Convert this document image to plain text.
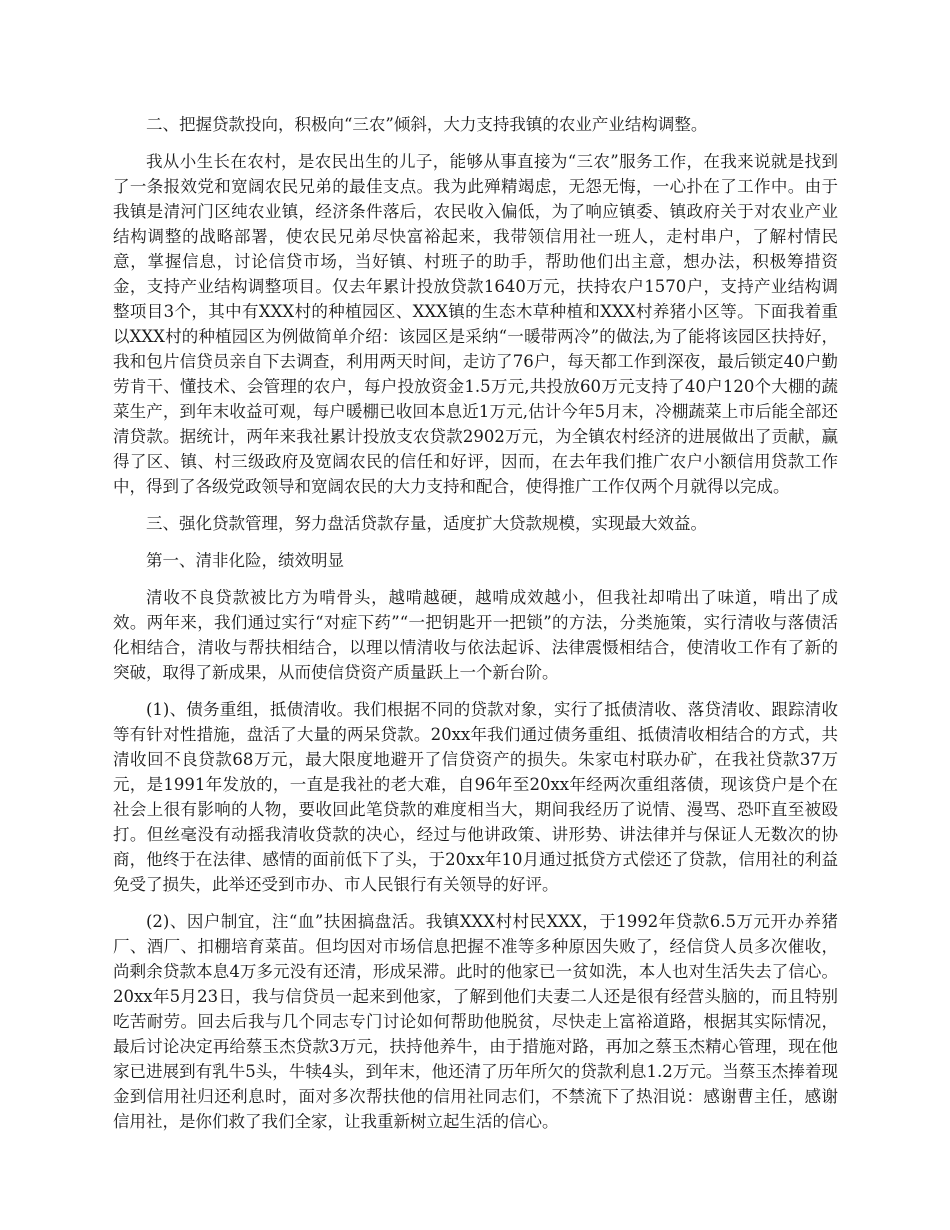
二、把握贷款投向，积极向“三农”倾斜，大力支持我镇的农业产业结构调整。

我从小生长在农村，是农民出生的儿子，能够从事直接为“三农”服务工作，在我来说就是找到了一条报效党和宽阔农民兄弟的最佳支点。我为此殚精竭虑，无怨无悔，一心扑在了工作中。由于我镇是清河门区纯农业镇，经济条件落后，农民收入偏低，为了响应镇委、镇政府关于对农业产业结构调整的战略部署，使农民兄弟尽快富裕起来，我带领信用社一班人，走村串户，了解村情民意，掌握信息，讨论信贷市场，当好镇、村班子的助手，帮助他们出主意，想办法，积极筹措资金，支持产业结构调整项目。仅去年累计投放贷款1640万元，扶持农户1570户，支持产业结构调整项目3个，其中有XXX村的种植园区、XXX镇的生态木草种植和XXX村养猪小区等。下面我着重以XXX村的种植园区为例做简单介绍：该园区是采纳“一暖带两冷”的做法,为了能将该园区扶持好，我和包片信贷员亲自下去调查，利用两天时间，走访了76户，每天都工作到深夜，最后锁定40户勤劳肯干、懂技术、会管理的农户，每户投放资金1.5万元,共投放60万元支持了40户120个大棚的蔬菜生产，到年末收益可观，每户暖棚已收回本息近1万元,估计今年5月末，冷棚蔬菜上市后能全部还清贷款。据统计，两年来我社累计投放支农贷款2902万元，为全镇农村经济的进展做出了贡献，赢得了区、镇、村三级政府及宽阔农民的信任和好评，因而，在去年我们推广农户小额信用贷款工作中，得到了各级党政领导和宽阔农民的大力支持和配合，使得推广工作仅两个月就得以完成。

三、强化贷款管理，努力盘活贷款存量，适度扩大贷款规模，实现最大效益。

第一、清非化险，绩效明显

清收不良贷款被比方为啃骨头，越啃越硬，越啃成效越小，但我社却啃出了味道，啃出了成效。两年来，我们通过实行“对症下药”“一把钥匙开一把锁”的方法，分类施策，实行清收与落债活化相结合，清收与帮扶相结合，以理以情清收与依法起诉、法律震慑相结合，使清收工作有了新的突破，取得了新成果，从而使信贷资产质量跃上一个新台阶。

(1)、债务重组，抵债清收。我们根据不同的贷款对象，实行了抵债清收、落贷清收、跟踪清收等有针对性措施，盘活了大量的两呆贷款。20xx年我们通过债务重组、抵债清收相结合的方式，共清收回不良贷款68万元，最大限度地避开了信贷资产的损失。朱家屯村联办矿，在我社贷款37万元，是1991年发放的，一直是我社的老大难，自96年至20xx年经两次重组落债，现该贷户是个在社会上很有影响的人物，要收回此笔贷款的难度相当大，期间我经历了说情、漫骂、恐吓直至被殴打。但丝毫没有动摇我清收贷款的决心，经过与他讲政策、讲形势、讲法律并与保证人无数次的协商，他终于在法律、感情的面前低下了头，于20xx年10月通过抵贷方式偿还了贷款，信用社的利益免受了损失，此举还受到市办、市人民银行有关领导的好评。

(2)、因户制宜，注“血”扶困搞盘活。我镇XXX村村民XXX，于1992年贷款6.5万元开办养猪厂、酒厂、扣棚培育菜苗。但均因对市场信息把握不准等多种原因失败了，经信贷人员多次催收，尚剩余贷款本息4万多元没有还清，形成呆滞。此时的他家已一贫如洗，本人也对生活失去了信心。20xx年5月23日，我与信贷员一起来到他家，了解到他们夫妻二人还是很有经营头脑的，而且特别吃苦耐劳。回去后我与几个同志专门讨论如何帮助他脱贫，尽快走上富裕道路，根据其实际情况，最后讨论决定再给蔡玉杰贷款3万元，扶持他养牛，由于措施对路，再加之蔡玉杰精心管理，现在他家已进展到有乳牛5头，牛犊4头，到年末，他还清了历年所欠的贷款利息1.2万元。当蔡玉杰捧着现金到信用社归还利息时，面对多次帮扶他的信用社同志们，不禁流下了热泪说：感谢曹主任，感谢信用社，是你们救了我们全家，让我重新树立起生活的信心。
